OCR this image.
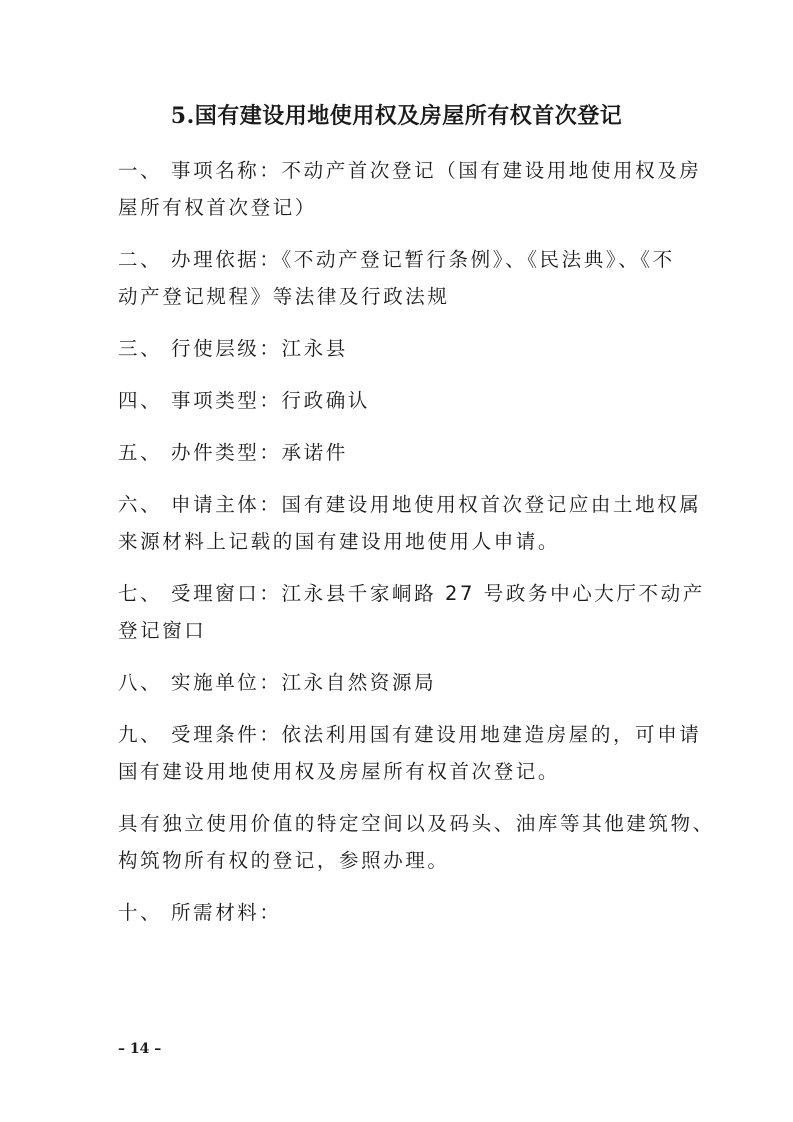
5.国有建设用地使用权及房屋所有权首次登记

一、 事项名称：不动产首次登记（国有建设用地使用权及房
屋所有权首次登记）

二、 办理依据：《不动产登记暂行条例》、《民法典》、《不
动产登记规程》等法律及行政法规

三、 行使层级：江永县

四、 事项类型：行政确认

五、 办件类型：承诺件

六、 申请主体：国有建设用地使用权首次登记应由土地权属
来源材料上记载的国有建设用地使用人申请。

七、 受理窗口：江永县千家峒路 27 号政务中心大厅不动产
登记窗口

八、 实施单位：江永自然资源局

九、 受理条件：依法利用国有建设用地建造房屋的，可申请
国有建设用地使用权及房屋所有权首次登记。

具有独立使用价值的特定空间以及码头、油库等其他建筑物、
构筑物所有权的登记，参照办理。

十、 所需材料：

– 14 –
